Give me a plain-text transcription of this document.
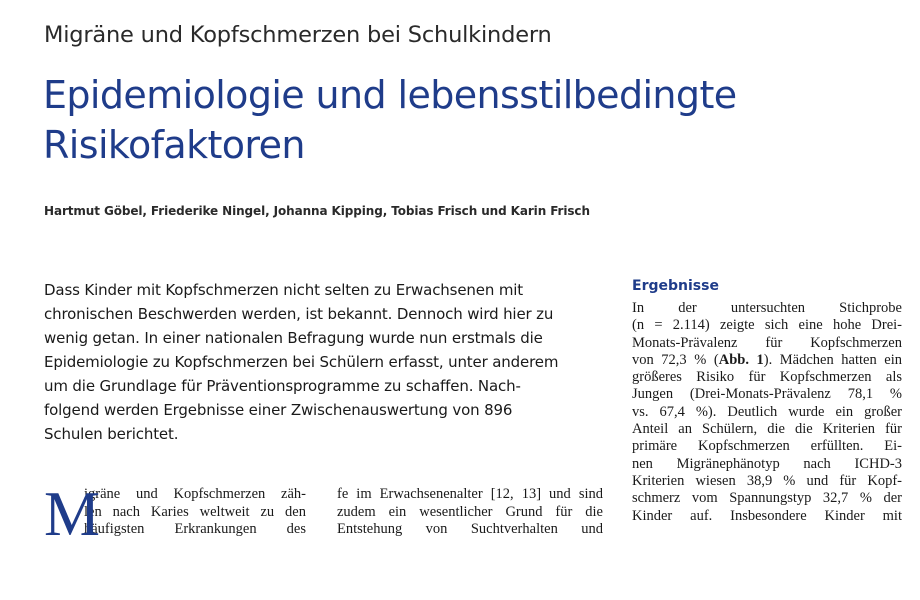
Migräne und Kopfschmerzen bei Schulkindern
Epidemiologie und lebensstilbedingte
Risikofaktoren
Hartmut Göbel, Friederike Ningel, Johanna Kipping, Tobias Frisch und Karin Frisch
Dass Kinder mit Kopfschmerzen nicht selten zu Erwachsenen mit
chronischen Beschwerden werden, ist bekannt. Dennoch wird hier zu
wenig getan. In einer nationalen Befragung wurde nun erstmals die
Epidemiologie zu Kopfschmerzen bei Schülern erfasst, unter anderem
um die Grundlage für Präventionsprogramme zu schaffen. Nach-
folgend werden Ergebnisse einer Zwischenauswertung von 896
Schulen berichtet.
M
igräne und Kopfschmerzen zäh-
len nach Karies weltweit zu den
häufigsten Erkrankungen des
fe im Erwachsenenalter [12, 13] und sind
zudem ein wesentlicher Grund für die
Entstehung von Suchtverhalten und
Ergebnisse
In der untersuchten Stichprobe
(n = 2.114) zeigte sich eine hohe Drei-
Monats-Prävalenz für Kopfschmerzen
von 72,3 % (Abb. 1). Mädchen hatten ein
größeres Risiko für Kopfschmerzen als
Jungen (Drei-Monats-Prävalenz 78,1 %
vs. 67,4 %). Deutlich wurde ein großer
Anteil an Schülern, die die Kriterien für
primäre Kopfschmerzen erfüllten. Ei-
nen Migränephänotyp nach ICHD-3
Kriterien wiesen 38,9 % und für Kopf-
schmerz vom Spannungstyp 32,7 % der
Kinder auf. Insbesondere Kinder mit
